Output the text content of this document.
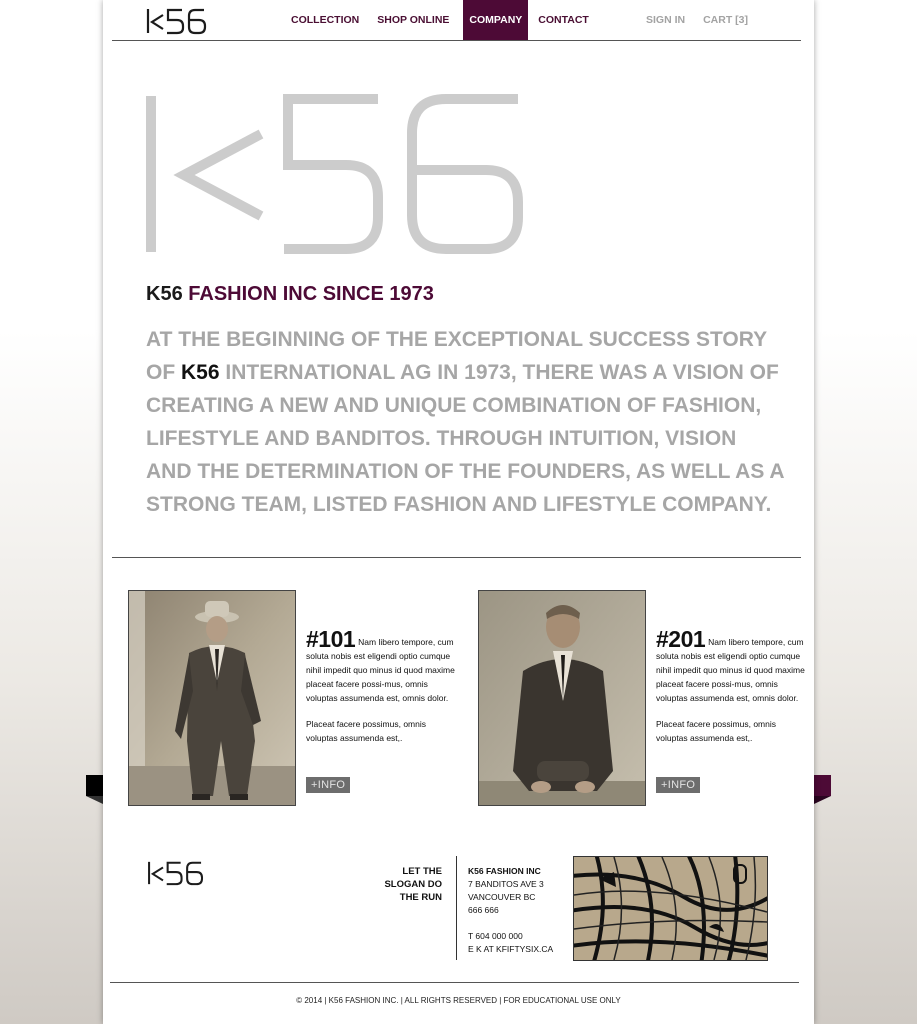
COLLECTION	SHOP ONLINE	COMPANY	CONTACT	SIGN IN	CART [3]
K56 FASHION INC SINCE 1973
AT THE BEGINNING OF THE EXCEPTIONAL SUCCESS STORY OF K56 INTERNATIONAL AG IN 1973, THERE WAS A VISION OF CREATING A NEW AND UNIQUE COMBINATION OF FASHION, LIFESTYLE AND BANDITOS. THROUGH INTUITION, VISION AND THE DETERMINATION OF THE FOUNDERS, AS WELL AS A STRONG TEAM, LISTED FASHION AND LIFESTYLE COMPANY.
#101 Nam libero tempore, cum soluta nobis est eligendi optio cumque nihil impedit quo minus id quod maxime placeat facere possi-mus, omnis voluptas assumenda est, omnis dolor.
Placeat facere possimus, omnis voluptas assumenda est,.
+INFO
#201 Nam libero tempore, cum soluta nobis est eligendi optio cumque nihil impedit quo minus id quod maxime placeat facere possi-mus, omnis voluptas assumenda est, omnis dolor.
Placeat facere possimus, omnis voluptas assumenda est,.
+INFO
LET THE
SLOGAN DO
THE RUN
K56 FASHION INC
7 BANDITOS AVE 3
VANCOUVER BC
666 666
T 604 000 000
E K AT KFIFTYSIX.CA
© 2014 | K56 FASHION INC. | ALL RIGHTS RESERVED | FOR EDUCATIONAL USE ONLY
